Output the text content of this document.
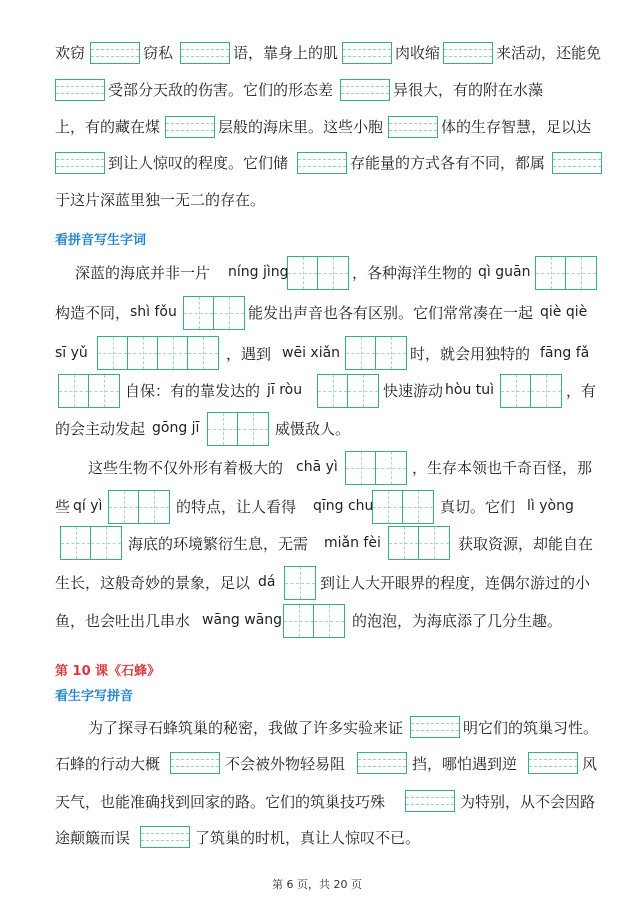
欢窃	窃私	语，靠身上的肌	肉收缩	来活动，还能免
受部分天敌的伤害。它们的形态差	异很大，有的附在水藻
上，有的藏在煤	层般的海床里。这些小胞	体的生存智慧，足以达
到让人惊叹的程度。它们储	存能量的方式各有不同，都属
于这片深蓝里独一无二的存在。
看拼音写生字词
深蓝的海底并非一片 níng jìng	，各种海洋生物的 qì guān
构造不同， shì fǒu	能发出声音也各有区别。它们常常凑在一起 qiè qiè
sī yǔ	，遇到 wēi xiǎn	时，就会用独特的 fāng fǎ
自保：有的靠发达的 jī ròu	快速游动 hòu tuì	，有
的会主动发起 gōng jī	威慑敌人。
这些生物不仅外形有着极大的 chā yì	，生存本领也千奇百怪，那
些 qí yì	的特点，让人看得 qīng chu	真切。它们 lì yòng
海底的环境繁衍生息，无需 miǎn fèi	获取资源，却能自在
生长，这般奇妙的景象，足以 dá	到让人大开眼界的程度，连偶尔游过的小
鱼，也会吐出几串水 wāng wāng	的泡泡，为海底添了几分生趣。
第 10 课《石蜂》
看生字写拼音
为了探寻石蜂筑巢的秘密，我做了许多实验来证	明它们的筑巢习性。
石蜂的行动大概	不会被外物轻易阻	挡，哪怕遇到逆	风
天气，也能准确找到回家的路。它们的筑巢技巧殊	为特别，从不会因路
途颠簸而误	了筑巢的时机，真让人惊叹不已。
第 6 页，共 20 页
